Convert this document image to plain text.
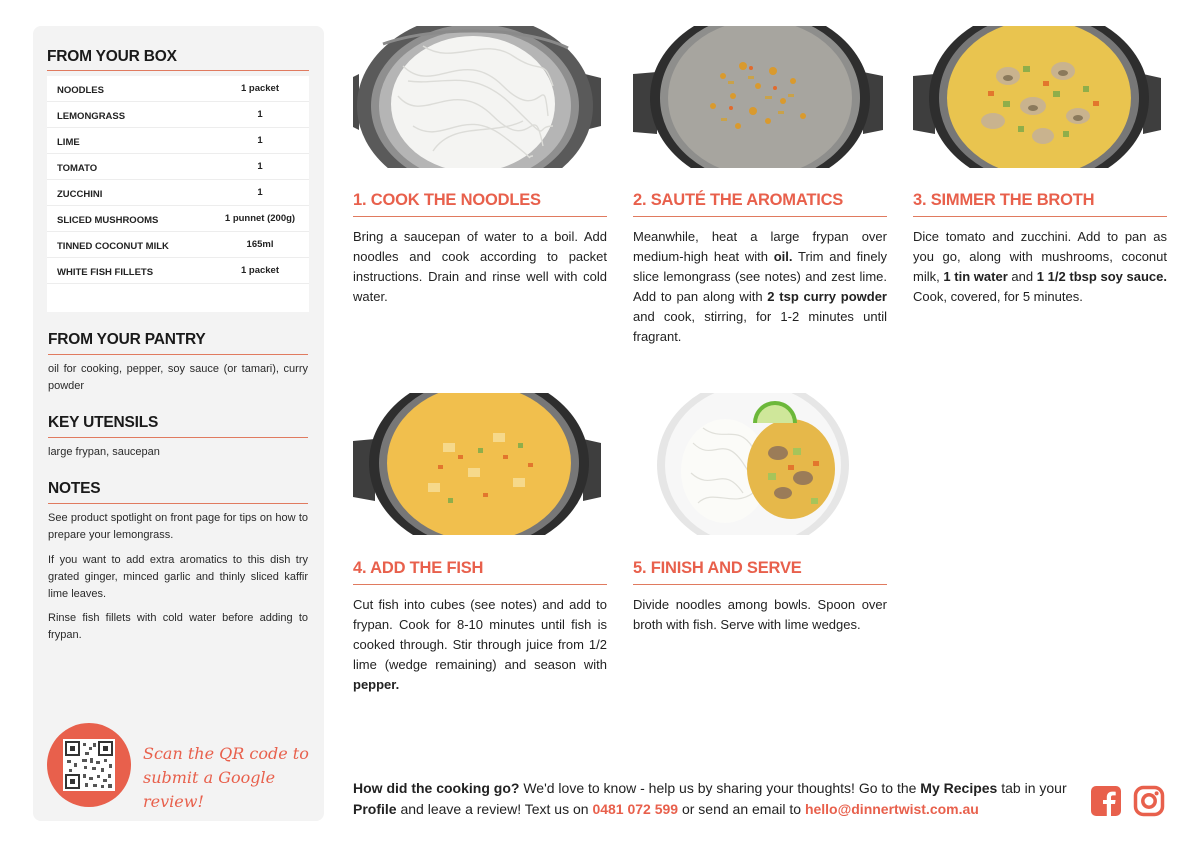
FROM YOUR BOX
NOODLES	1 packet
LEMONGRASS	1
LIME	1
TOMATO	1
ZUCCHINI	1
SLICED MUSHROOMS	1 punnet (200g)
TINNED COCONUT MILK	165ml
WHITE FISH FILLETS	1 packet
FROM YOUR PANTRY
oil for cooking, pepper, soy sauce (or tamari), curry powder
KEY UTENSILS
large frypan, saucepan
NOTES
See product spotlight on front page for tips on how to prepare your lemongrass.
If you want to add extra aromatics to this dish try grated ginger, minced garlic and thinly sliced kaffir lime leaves.
Rinse fish fillets with cold water before adding to frypan.
Scan the QR code to
submit a Google review!
1. COOK THE NOODLES
Bring a saucepan of water to a boil. Add noodles and cook according to packet instructions. Drain and rinse well with cold water.
2. SAUTÉ THE AROMATICS
Meanwhile, heat a large frypan over medium-high heat with oil. Trim and finely slice lemongrass (see notes) and zest lime. Add to pan along with 2 tsp curry powder and cook, stirring, for 1-2 minutes until fragrant.
3. SIMMER THE BROTH
Dice tomato and zucchini. Add to pan as you go, along with mushrooms, coconut milk, 1 tin water and 1 1/2 tbsp soy sauce. Cook, covered, for 5 minutes.
4. ADD THE FISH
Cut fish into cubes (see notes) and add to frypan. Cook for 8-10 minutes until fish is cooked through. Stir through juice from 1/2 lime (wedge remaining) and season with pepper.
5. FINISH AND SERVE
Divide noodles among bowls. Spoon over broth with fish. Serve with lime wedges.
How did the cooking go? We'd love to know - help us by sharing your thoughts! Go to the My Recipes tab in your Profile and leave a review! Text us on 0481 072 599 or send an email to hello@dinnertwist.com.au
